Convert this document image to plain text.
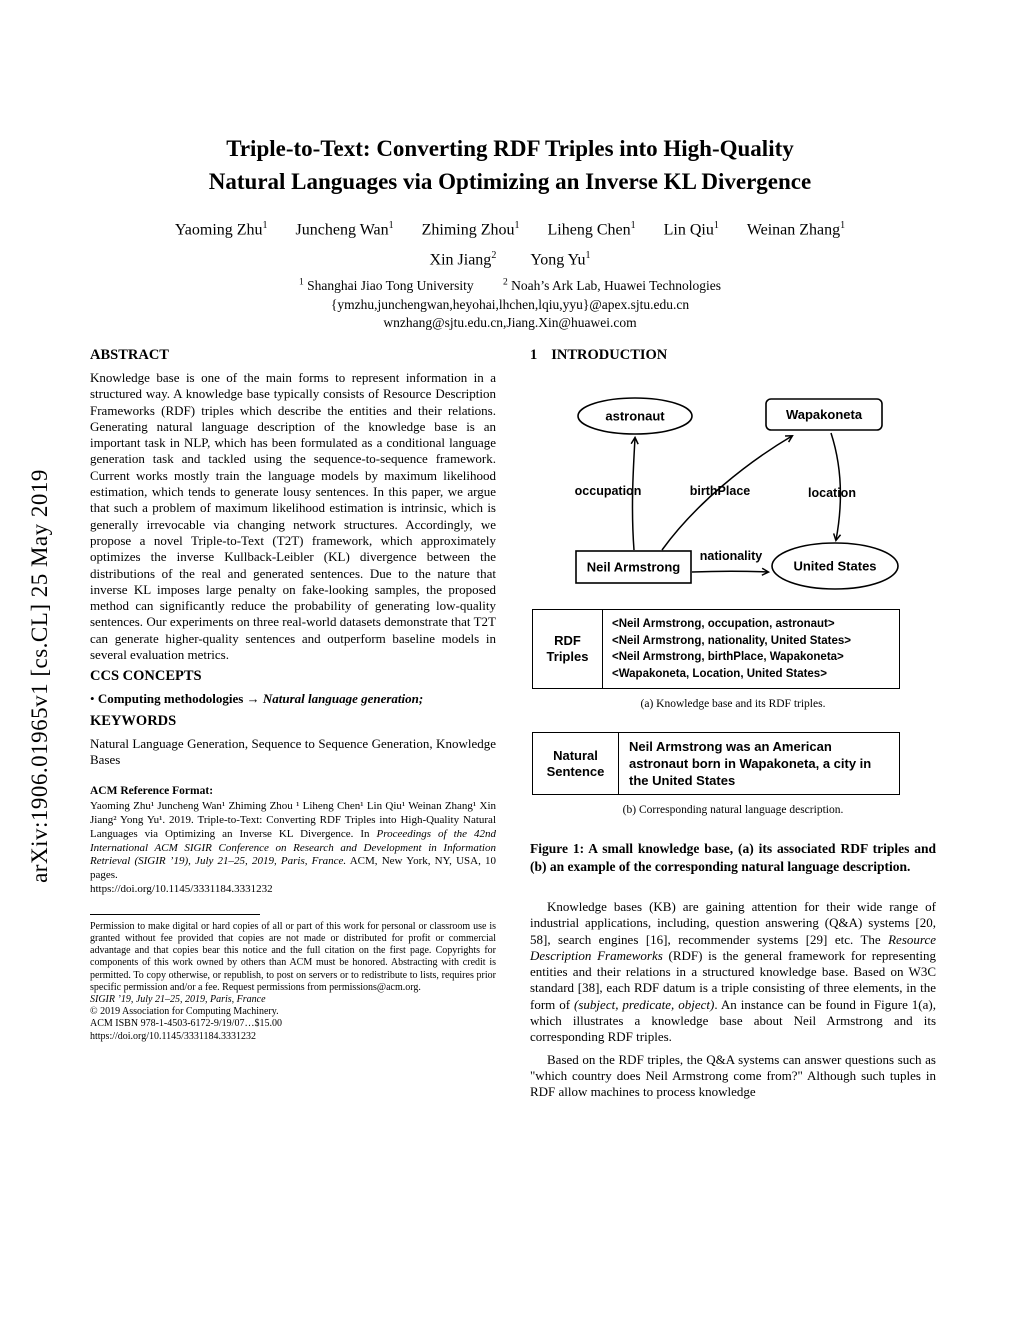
arXiv:1906.01965v1 [cs.CL] 25 May 2019
Triple-to-Text: Converting RDF Triples into High-Quality
Natural Languages via Optimizing an Inverse KL Divergence
Yaoming Zhu$^1$ Juncheng Wan$^1$ Zhiming Zhou$^1$ Liheng Chen$^1$ Lin Qiu$^1$ Weinan Zhang$^1$
Xin Jiang$^2$ Yong Yu$^1$
$^1$ Shanghai Jiao Tong University	$^2$ Noah’s Ark Lab, Huawei Technologies
{ymzhu,junchengwan,heyohai,lhchen,lqiu,yyu}@apex.sjtu.edu.cn
wnzhang@sjtu.edu.cn,Jiang.Xin@huawei.com
ABSTRACT

Knowledge base is one of the main forms to represent information in a structured way. A knowledge base typically consists of Resource Description Frameworks (RDF) triples which describe the entities and their relations. Generating natural language description of the knowledge base is an important task in NLP, which has been formulated as a conditional language generation task and tackled using the sequence-to-sequence framework. Current works mostly train the language models by maximum likelihood estimation, which tends to generate lousy sentences. In this paper, we argue that such a problem of maximum likelihood estimation is intrinsic, which is generally irrevocable via changing network structures. Accordingly, we propose a novel Triple-to-Text (T2T) framework, which approximately optimizes the inverse Kullback-Leibler (KL) divergence between the distributions of the real and generated sentences. Due to the nature that inverse KL imposes large penalty on fake-looking samples, the proposed method can significantly reduce the probability of generating low-quality sentences. Our experiments on three real-world datasets demonstrate that T2T can generate higher-quality sentences and outperform baseline models in several evaluation metrics.

CCS CONCEPTS

• Computing methodologies → Natural language generation;

KEYWORDS

Natural Language Generation, Sequence to Sequence Generation, Knowledge Bases

ACM Reference Format:

Yaoming Zhu¹ Juncheng Wan¹ Zhiming Zhou ¹ Liheng Chen¹ Lin Qiu¹ Weinan Zhang¹ Xin Jiang² Yong Yu¹. 2019. Triple-to-Text: Converting RDF Triples into High-Quality Natural Languages via Optimizing an Inverse KL Divergence. In Proceedings of the 42nd International ACM SIGIR Conference on Research and Development in Information Retrieval (SIGIR ’19), July 21–25, 2019, Paris, France. ACM, New York, NY, USA, 10 pages.
https://doi.org/10.1145/3331184.3331232

Permission to make digital or hard copies of all or part of this work for personal or classroom use is granted without fee provided that copies are not made or distributed for profit or commercial advantage and that copies bear this notice and the full citation on the first page. Copyrights for components of this work owned by others than ACM must be honored. Abstracting with credit is permitted. To copy otherwise, or republish, to post on servers or to redistribute to lists, requires prior specific permission and/or a fee. Request permissions from permissions@acm.org.

SIGIR ’19, July 21–25, 2019, Paris, France

© 2019 Association for Computing Machinery.

ACM ISBN 978-1-4503-6172-9/19/07…$15.00

https://doi.org/10.1145/3331184.3331232

1 INTRODUCTION
astronaut	Wapakoneta
Neil Armstrong	United States
occupation	birthPlace	location
nationality
RDF
Triples
<Neil Armstrong, occupation, astronaut>
<Neil Armstrong, nationality, United States>
<Neil Armstrong, birthPlace, Wapakoneta>
<Wapakoneta, Location, United States>
(a) Knowledge base and its RDF triples.
Natural
Sentence
Neil Armstrong was an American astronaut born in Wapakoneta, a city in the United States
(b) Corresponding natural language description.
Figure 1: A small knowledge base, (a) its associated RDF triples and (b) an example of the corresponding natural language description.

Knowledge bases (KB) are gaining attention for their wide range of industrial applications, including, question answering (Q&A) systems [20, 58], search engines [16], recommender systems [29] etc. The Resource Description Frameworks (RDF) is the general framework for representing entities and their relations in a structured knowledge base. Based on W3C standard [38], each RDF datum is a triple consisting of three elements, in the form of (subject, predicate, object). An instance can be found in Figure 1(a), which illustrates a knowledge base about Neil Armstrong and its corresponding RDF triples.

Based on the RDF triples, the Q&A systems can answer questions such as "which country does Neil Armstrong come from?" Although such tuples in RDF allow machines to process knowledge
